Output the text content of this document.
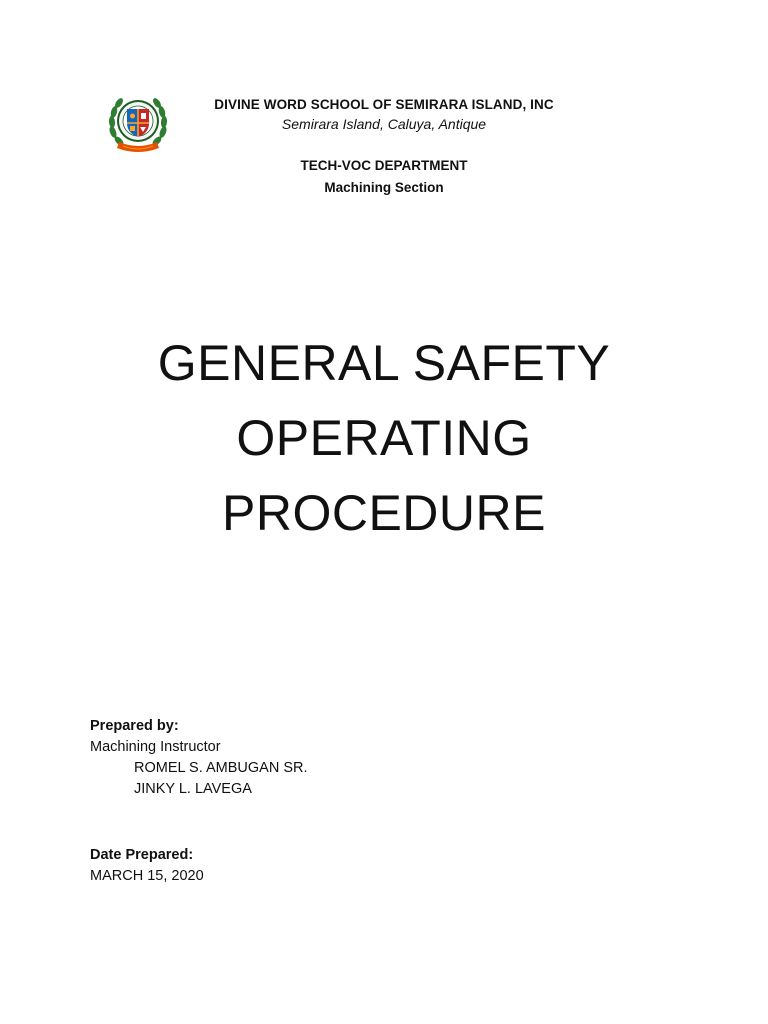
DIVINE WORD SCHOOL OF SEMIRARA ISLAND, INC
Semirara Island, Caluya, Antique
TECH-VOC DEPARTMENT
Machining Section
GENERAL SAFETY
OPERATING
PROCEDURE
Prepared by:
Machining Instructor
ROMEL S. AMBUGAN SR.
JINKY L. LAVEGA
Date Prepared:
MARCH 15, 2020
